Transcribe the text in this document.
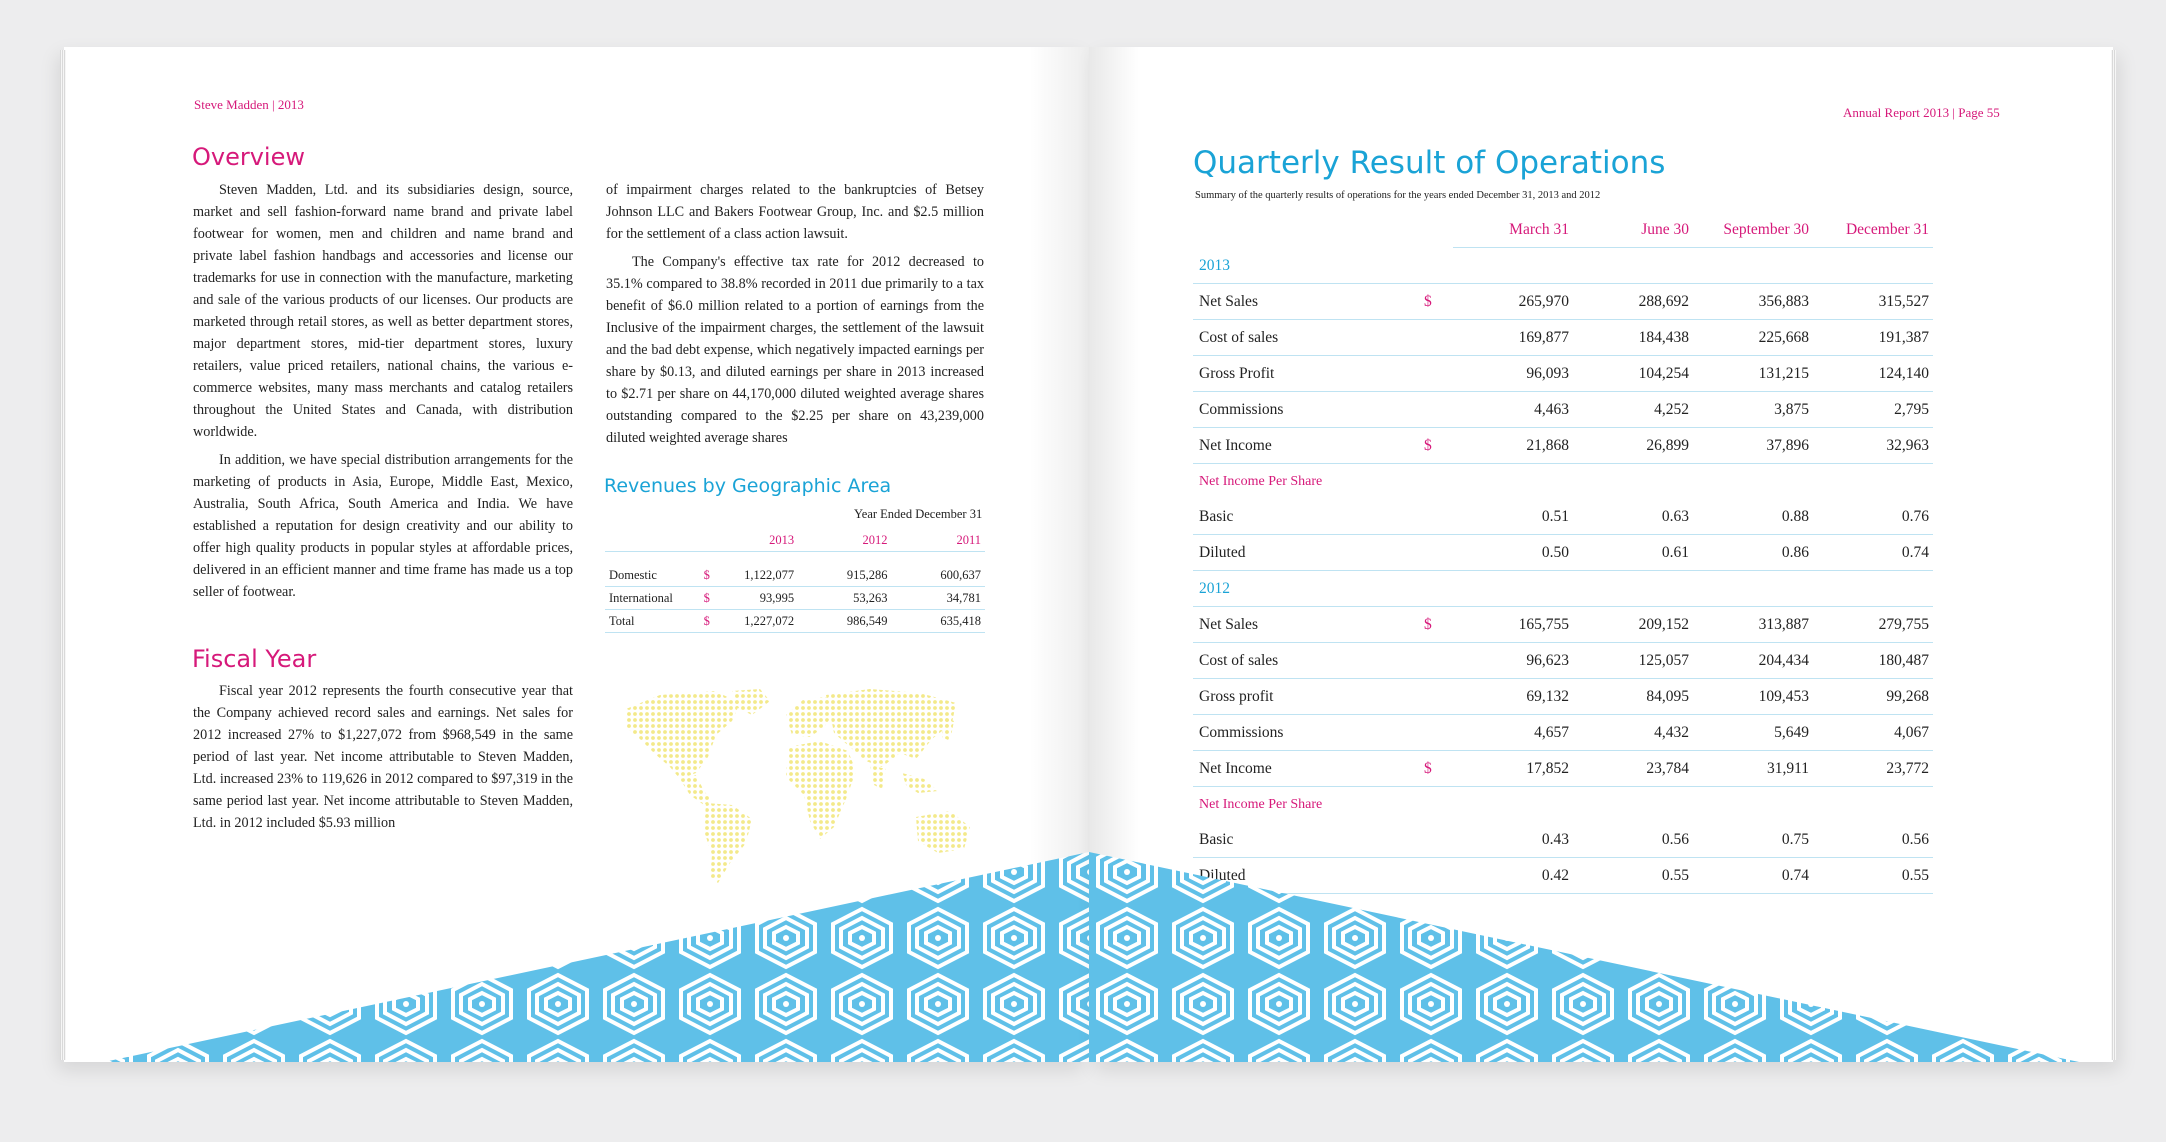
Steve Madden | 2013
Overview

Steven Madden, Ltd. and its subsidiaries design, source, market and sell fashion-forward name brand and private label footwear for women, men and children and name brand and private label fashion handbags and accessories and license our trademarks for use in connection with the manufacture, marketing and sale of the various products of our licenses. Our products are marketed through retail stores, as well as better department stores, major department stores, mid-tier department stores, luxury retailers, value priced retailers, national chains, the various e-commerce websites, many mass merchants and catalog retailers throughout the United States and Canada, with distribution worldwide.

In addition, we have special distribution arrangements for the marketing of products in Asia, Europe, Middle East, Mexico, Australia, South Africa, South America and India. We have established a reputation for design creativity and our ability to offer high quality products in popular styles at affordable prices, delivered in an efficient manner and time frame has made us a top seller of footwear.

Fiscal Year

Fiscal year 2012 represents the fourth consecutive year that the Company achieved record sales and earnings. Net sales for 2012 increased 27% to $1,227,072 from $968,549 in the same period of last year. Net income attributable to Steven Madden, Ltd. increased 23% to 119,626 in 2012 compared to $97,319 in the same period last year. Net income attributable to Steven Madden, Ltd. in 2012 included $5.93 million

of impairment charges related to the bankruptcies of Betsey Johnson LLC and Bakers Footwear Group, Inc. and $2.5 million for the settlement of a class action lawsuit.

The Company's effective tax rate for 2012 decreased to 35.1% compared to 38.8% recorded in 2011 due primarily to a tax benefit of $6.0 million related to a portion of earnings from the Inclusive of the impairment charges, the settlement of the lawsuit and the bad debt expense, which negatively impacted earnings per share by $0.13, and diluted earnings per share in 2013 increased to $2.71 per share on 44,170,000 diluted weighted average shares outstanding compared to the $2.25 per share on 43,239,000 diluted weighted average shares

Revenues by Geographic Area
Year Ended December 31
		2013	2012	2011

Domestic	$	1,122,077	915,286	600,637
International	$	93,995	53,263	34,781
Total	$	1,227,072	986,549	635,418
Annual Report 2013 | Page 55
Quarterly Result of Operations
Summary of the quarterly results of operations for the years ended December 31, 2013 and 2012
		March 31	June 30	September 30	December 31
2013					
Net Sales	$	265,970	288,692	356,883	315,527
Cost of sales		169,877	184,438	225,668	191,387
Gross Profit		96,093	104,254	131,215	124,140
Commissions		4,463	4,252	3,875	2,795
Net Income	$	21,868	26,899	37,896	32,963
Net Income Per Share					
Basic		0.51	0.63	0.88	0.76
Diluted		0.50	0.61	0.86	0.74
2012					
Net Sales	$	165,755	209,152	313,887	279,755
Cost of sales		96,623	125,057	204,434	180,487
Gross profit		69,132	84,095	109,453	99,268
Commissions		4,657	4,432	5,649	4,067
Net Income	$	17,852	23,784	31,911	23,772
Net Income Per Share					
Basic		0.43	0.56	0.75	0.56
Diluted		0.42	0.55	0.74	0.55
